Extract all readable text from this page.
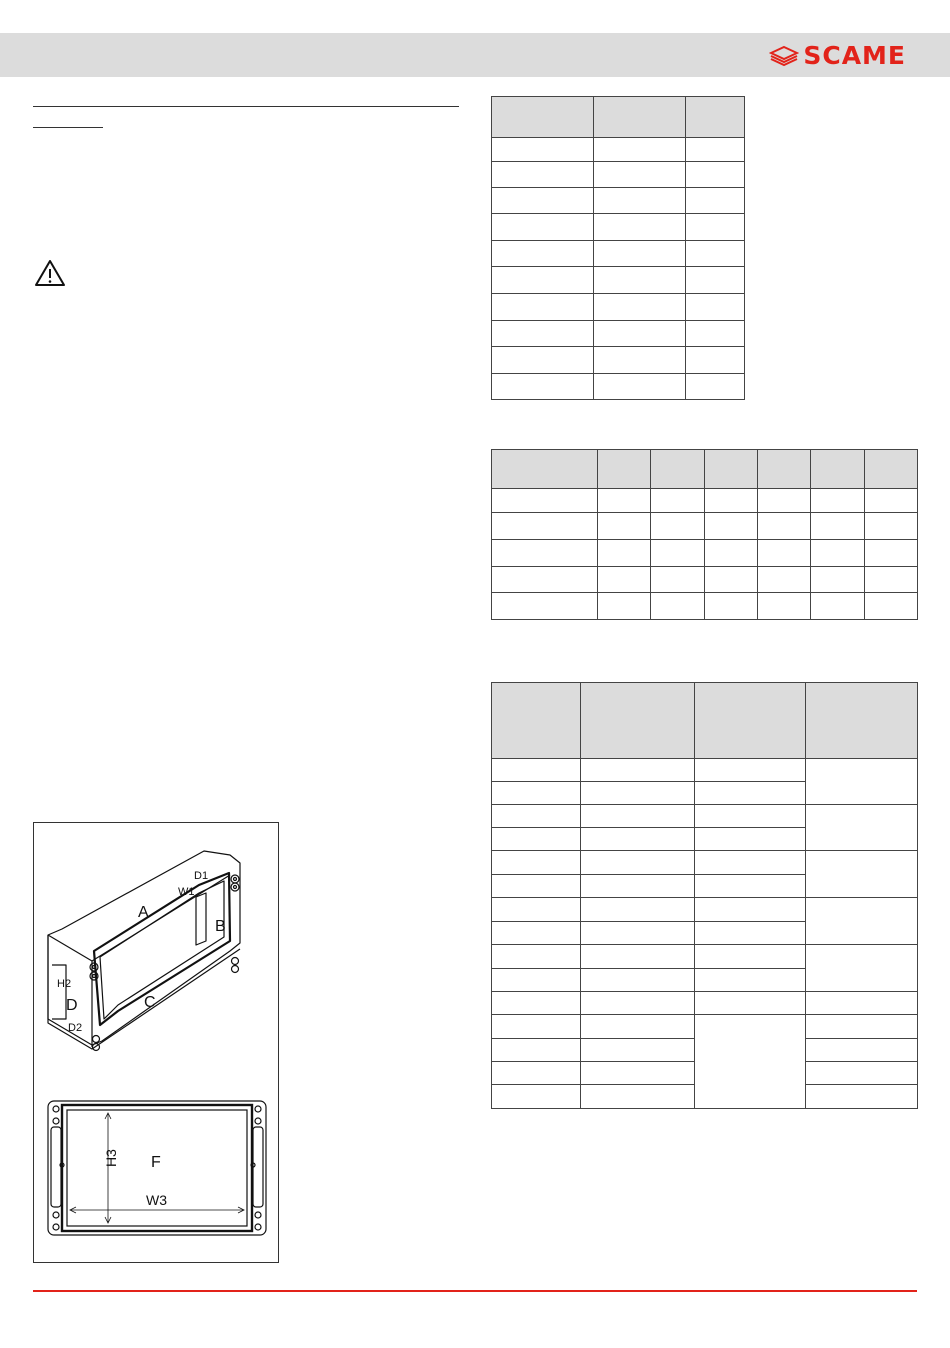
SCAME

A
B
C
D
D1
W1
H2
D2
F
H3
W3
